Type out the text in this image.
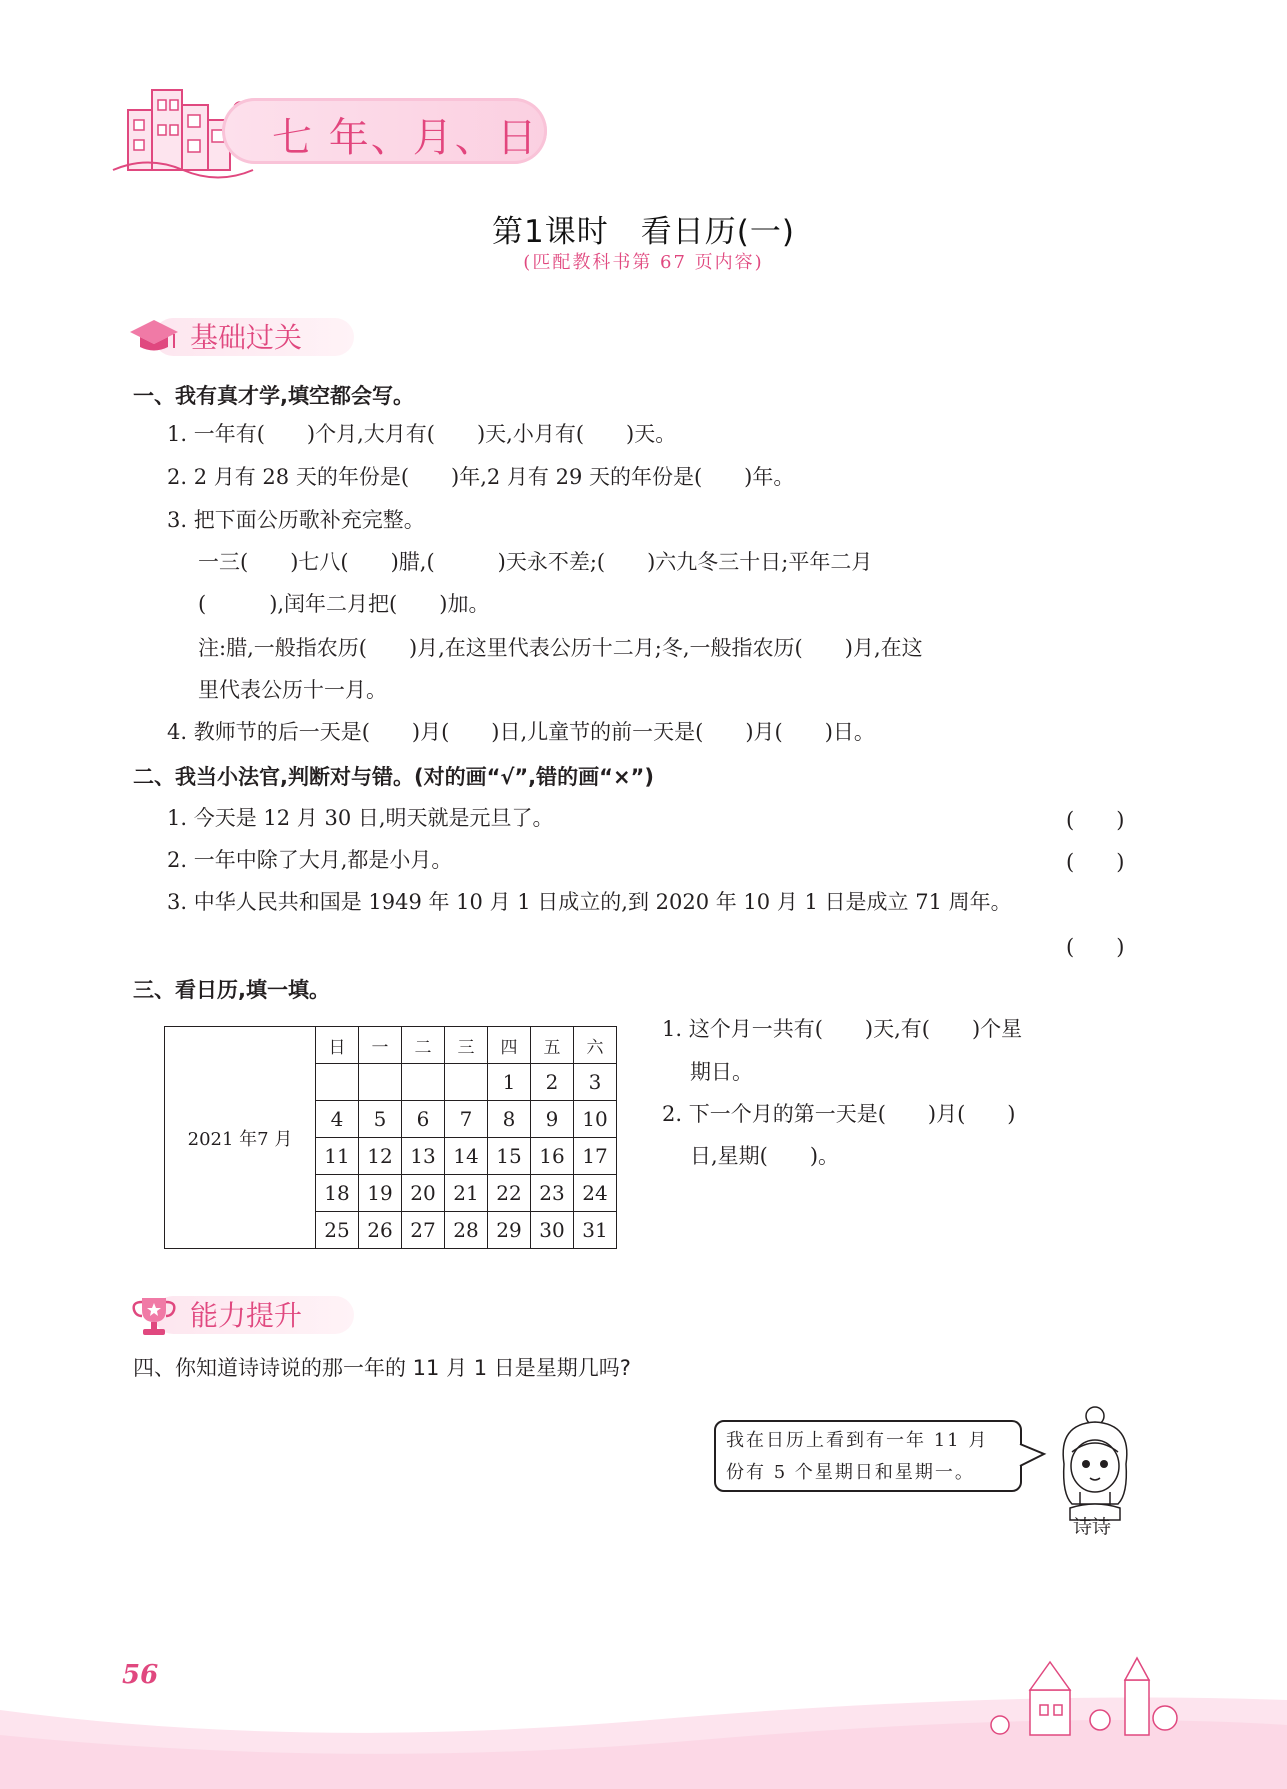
七 年、月、日
第1课时　看日历(一)
(匹配教科书第 67 页内容)
基础过关
一、我有真才学,填空都会写。
1. 一年有(　　)个月,大月有(　　)天,小月有(　　)天。
2. 2 月有 28 天的年份是(　　)年,2 月有 29 天的年份是(　　)年。
3. 把下面公历歌补充完整。
一三(　　)七八(　　)腊,(　　　)天永不差;(　　)六九冬三十日;平年二月
(　　　),闰年二月把(　　)加。
注:腊,一般指农历(　　)月,在这里代表公历十二月;冬,一般指农历(　　)月,在这
里代表公历十一月。
4. 教师节的后一天是(　　)月(　　)日,儿童节的前一天是(　　)月(　　)日。
二、我当小法官,判断对与错。(对的画“√”,错的画“×”)
1. 今天是 12 月 30 日,明天就是元旦了。	(　　)
2. 一年中除了大月,都是小月。	(　　)
3. 中华人民共和国是 1949 年 10 月 1 日成立的,到 2020 年 10 月 1 日是成立 71 周年。
(　　)
三、看日历,填一填。
2021 年7 月	日	一	二	三	四	五	六
					1	2	3
	4	5	6	7	8	9	10
	11	12	13	14	15	16	17
	18	19	20	21	22	23	24
	25	26	27	28	29	30	31
1. 这个月一共有(　　)天,有(　　)个星
期日。
2. 下一个月的第一天是(　　)月(　　)
日,星期(　　)。
能力提升
四、你知道诗诗说的那一年的 11 月 1 日是星期几吗?
我在日历上看到有一年 11 月
份有 5 个星期日和星期一。
诗诗
56
